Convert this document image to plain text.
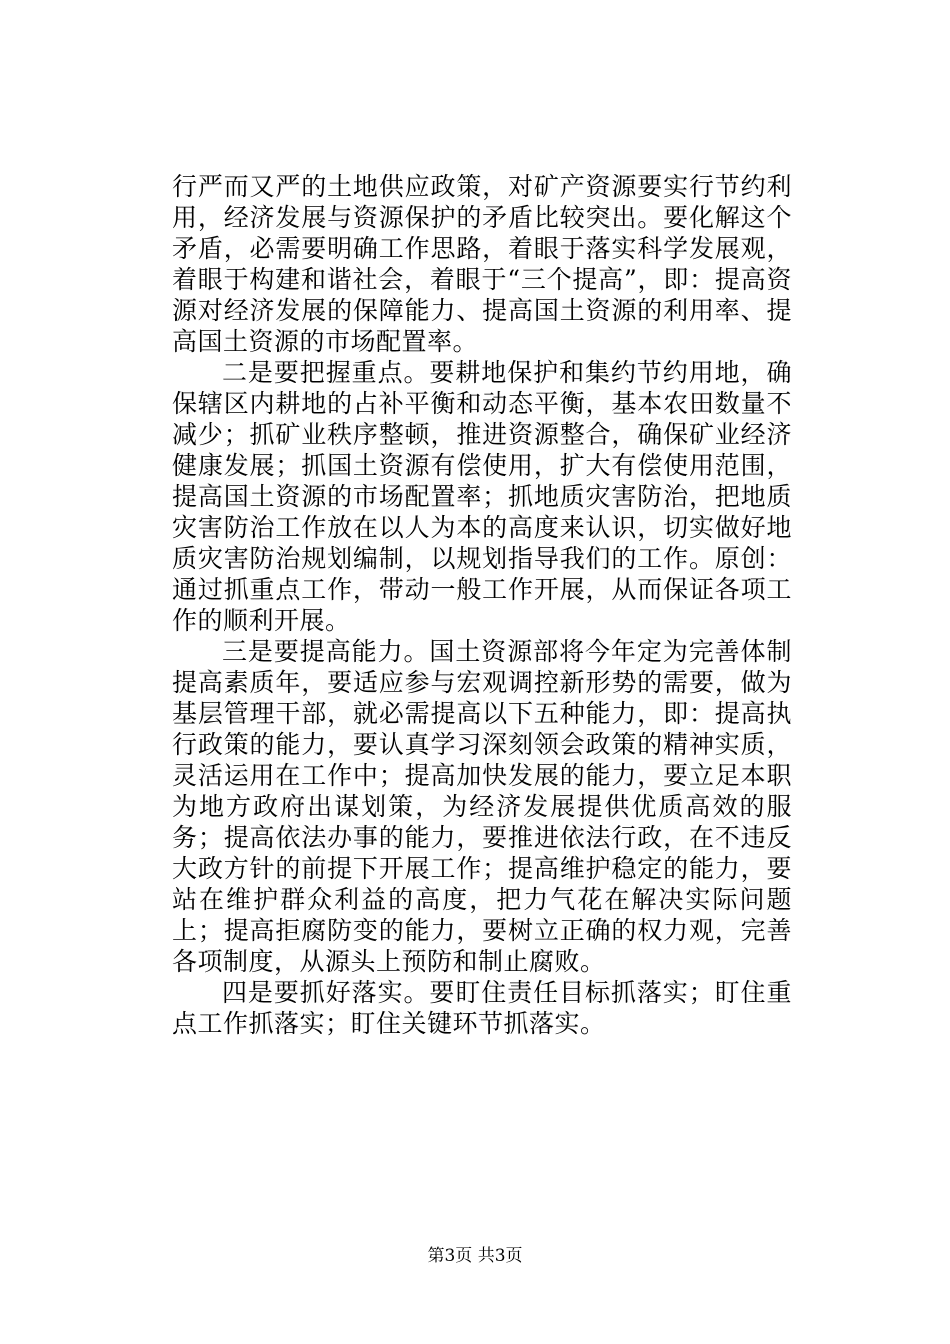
行严而又严的土地供应政策，对矿产资源要实行节约利用，经济发展与资源保护的矛盾比较突出。要化解这个矛盾，必需要明确工作思路，着眼于落实科学发展观，着眼于构建和谐社会，着眼于“三个提高”，即：提高资源对经济发展的保障能力、提高国土资源的利用率、提高国土资源的市场配置率。

二是要把握重点。要耕地保护和集约节约用地，确保辖区内耕地的占补平衡和动态平衡，基本农田数量不减少；抓矿业秩序整顿，推进资源整合，确保矿业经济健康发展；抓国土资源有偿使用，扩大有偿使用范围，提高国土资源的市场配置率；抓地质灾害防治，把地质灾害防治工作放在以人为本的高度来认识，切实做好地质灾害防治规划编制，以规划指导我们的工作。原创：通过抓重点工作，带动一般工作开展，从而保证各项工作的顺利开展。

三是要提高能力。国土资源部将今年定为完善体制提高素质年，要适应参与宏观调控新形势的需要，做为基层管理干部，就必需提高以下五种能力，即：提高执行政策的能力，要认真学习深刻领会政策的精神实质，灵活运用在工作中；提高加快发展的能力，要立足本职为地方政府出谋划策，为经济发展提供优质高效的服务；提高依法办事的能力，要推进依法行政，在不违反大政方针的前提下开展工作；提高维护稳定的能力，要站在维护群众利益的高度，把力气花在解决实际问题上；提高拒腐防变的能力，要树立正确的权力观，完善各项制度，从源头上预防和制止腐败。

四是要抓好落实。要盯住责任目标抓落实；盯住重点工作抓落实；盯住关键环节抓落实。

第3页 共3页
